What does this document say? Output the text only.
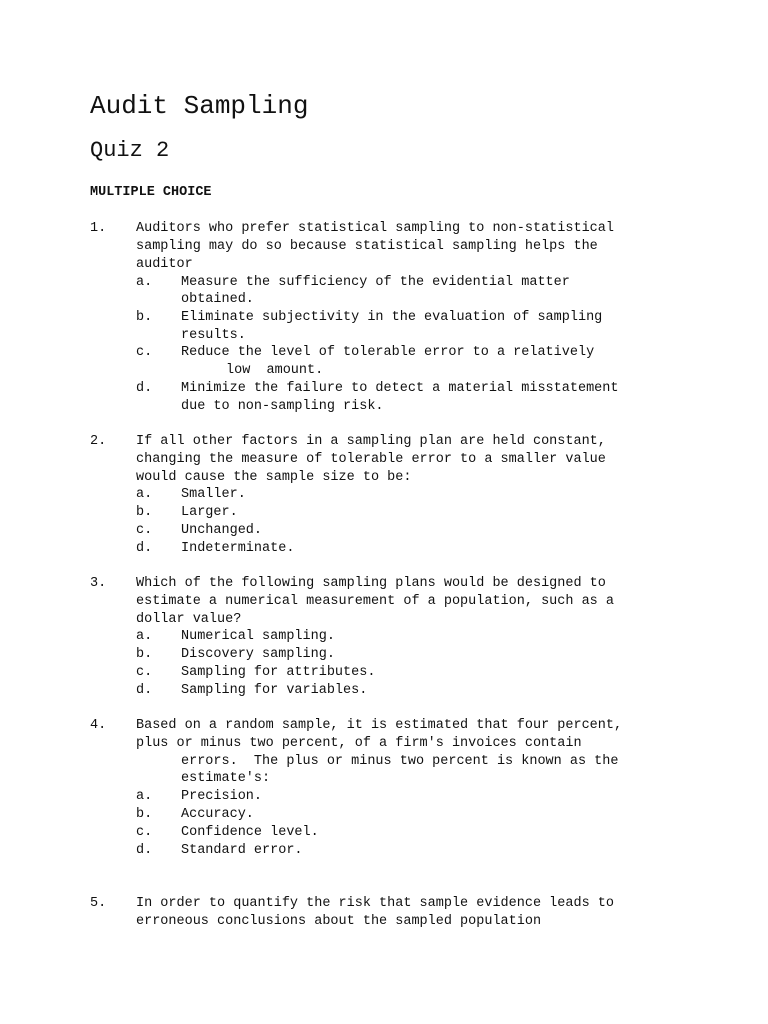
Audit Sampling
Quiz 2
MULTIPLE CHOICE
1. Auditors who prefer statistical sampling to non-statistical
sampling may do so because statistical sampling helps the
auditor
a. Measure the sufficiency of the evidential matter
obtained.
b. Eliminate subjectivity in the evaluation of sampling
results.
c. Reduce the level of tolerable error to a relatively
low  amount.
d. Minimize the failure to detect a material misstatement
due to non-sampling risk.
2. If all other factors in a sampling plan are held constant,
changing the measure of tolerable error to a smaller value
would cause the sample size to be:
a. Smaller.
b. Larger.
c. Unchanged.
d. Indeterminate.
3. Which of the following sampling plans would be designed to
estimate a numerical measurement of a population, such as a
dollar value?
a. Numerical sampling.
b. Discovery sampling.
c. Sampling for attributes.
d. Sampling for variables.
4. Based on a random sample, it is estimated that four percent,
plus or minus two percent, of a firm's invoices contain
errors.  The plus or minus two percent is known as the
estimate's:
a. Precision.
b. Accuracy.
c. Confidence level.
d. Standard error.
5. In order to quantify the risk that sample evidence leads to
erroneous conclusions about the sampled population
